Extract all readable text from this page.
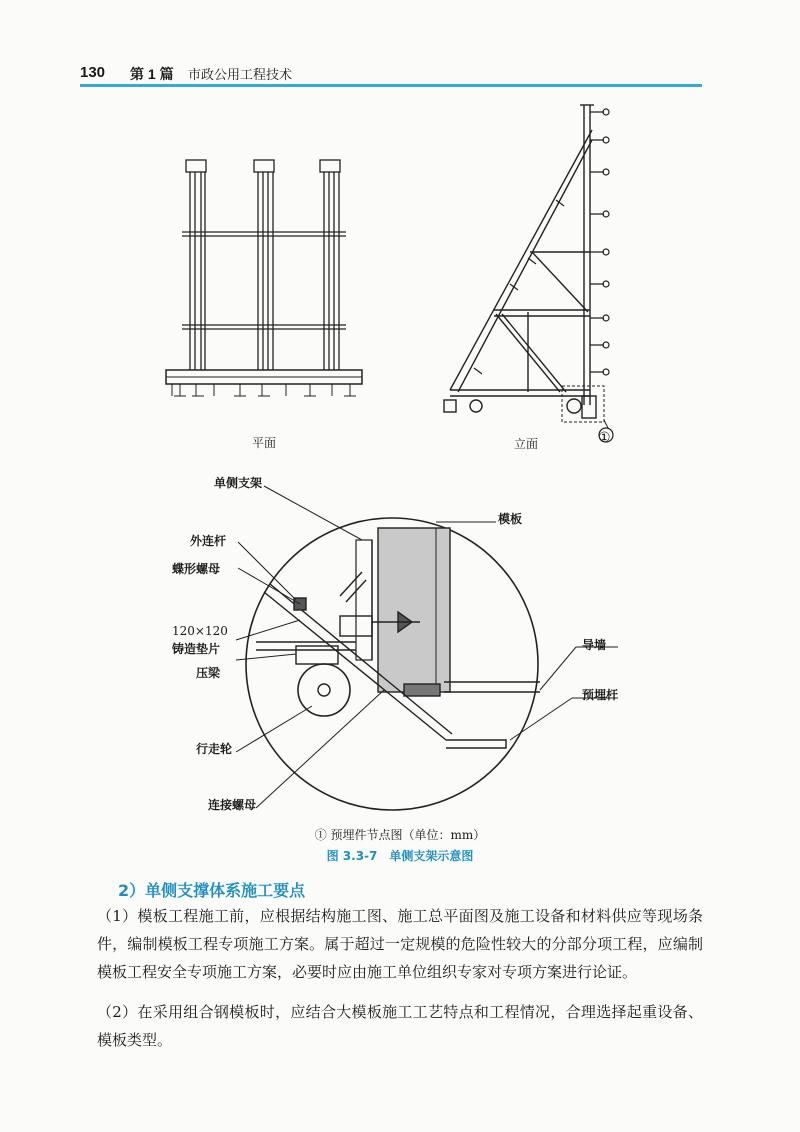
130 第 1 篇 市政公用工程技术
平面	立面	①
单侧支架
模板
外连杆
蝶形螺母
120×120
铸造垫片
压梁
导墙
预埋杆
行走轮
连接螺母
① 预埋件节点图（单位：mm）
图 3.3-7　单侧支架示意图
2）单侧支撑体系施工要点
（1）模板工程施工前，应根据结构施工图、施工总平面图及施工设备和材料供应等现场条件，编制模板工程专项施工方案。属于超过一定规模的危险性较大的分部分项工程，应编制模板工程安全专项施工方案，必要时应由施工单位组织专家对专项方案进行论证。
（2）在采用组合钢模板时，应结合大模板施工工艺特点和工程情况，合理选择起重设备、模板类型。
